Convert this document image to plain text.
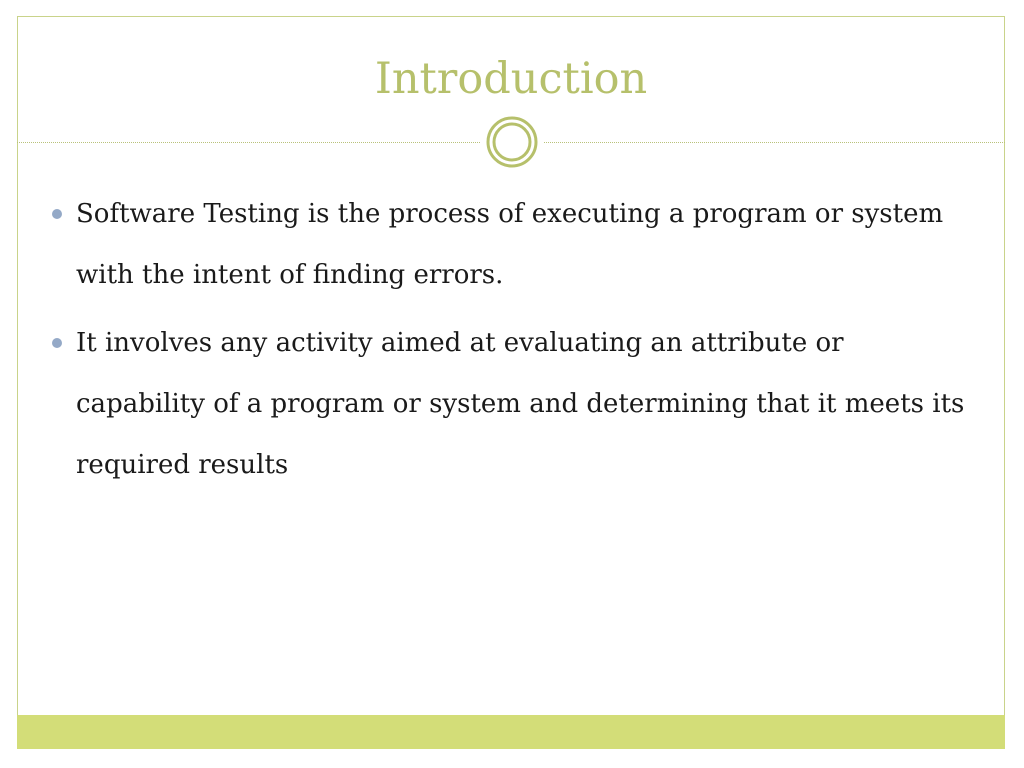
Introduction
Software Testing is the process of executing a program or system with the intent of finding errors.
It involves any activity aimed at evaluating an attribute or capability of a program or system and determining that it meets its required results
